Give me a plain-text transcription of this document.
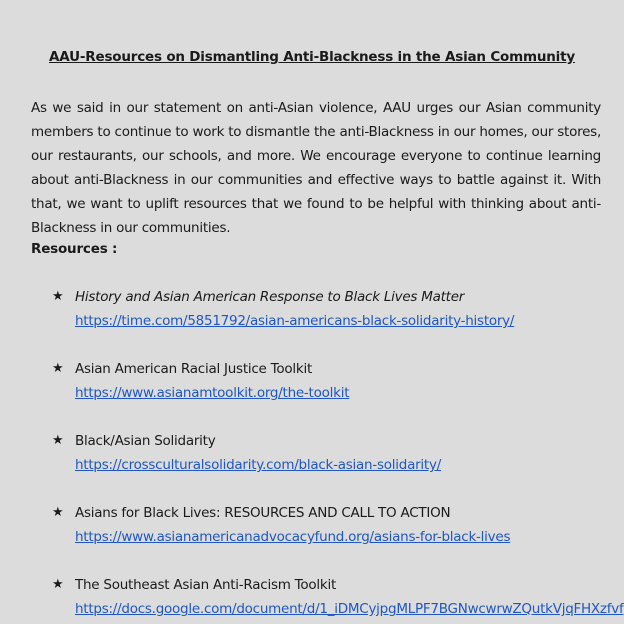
AAU-Resources on Dismantling Anti-Blackness in the Asian Community

As we said in our statement on anti-Asian violence, AAU urges our Asian community members to continue to work to dismantle the anti-Blackness in our homes, our stores, our restaurants, our schools, and more. We encourage everyone to continue learning about anti-Blackness in our communities and effective ways to battle against it. With that, we want to uplift resources that we found to be helpful with thinking about anti-Blackness in our communities.

Resources :
★ History and Asian American Response to Black Lives Matter
https://time.com/5851792/asian-americans-black-solidarity-history/
★ Asian American Racial Justice Toolkit
https://www.asianamtoolkit.org/the-toolkit
★ Black/Asian Solidarity
https://crossculturalsolidarity.com/black-asian-solidarity/
★ Asians for Black Lives: RESOURCES AND CALL TO ACTION
https://www.asianamericanadvocacyfund.org/asians-for-black-lives
★ The Southeast Asian Anti-Racism Toolkit
https://docs.google.com/document/d/1_iDMCyjpgMLPF7BGNwcwrwZQutkVjqFHXzfvf
